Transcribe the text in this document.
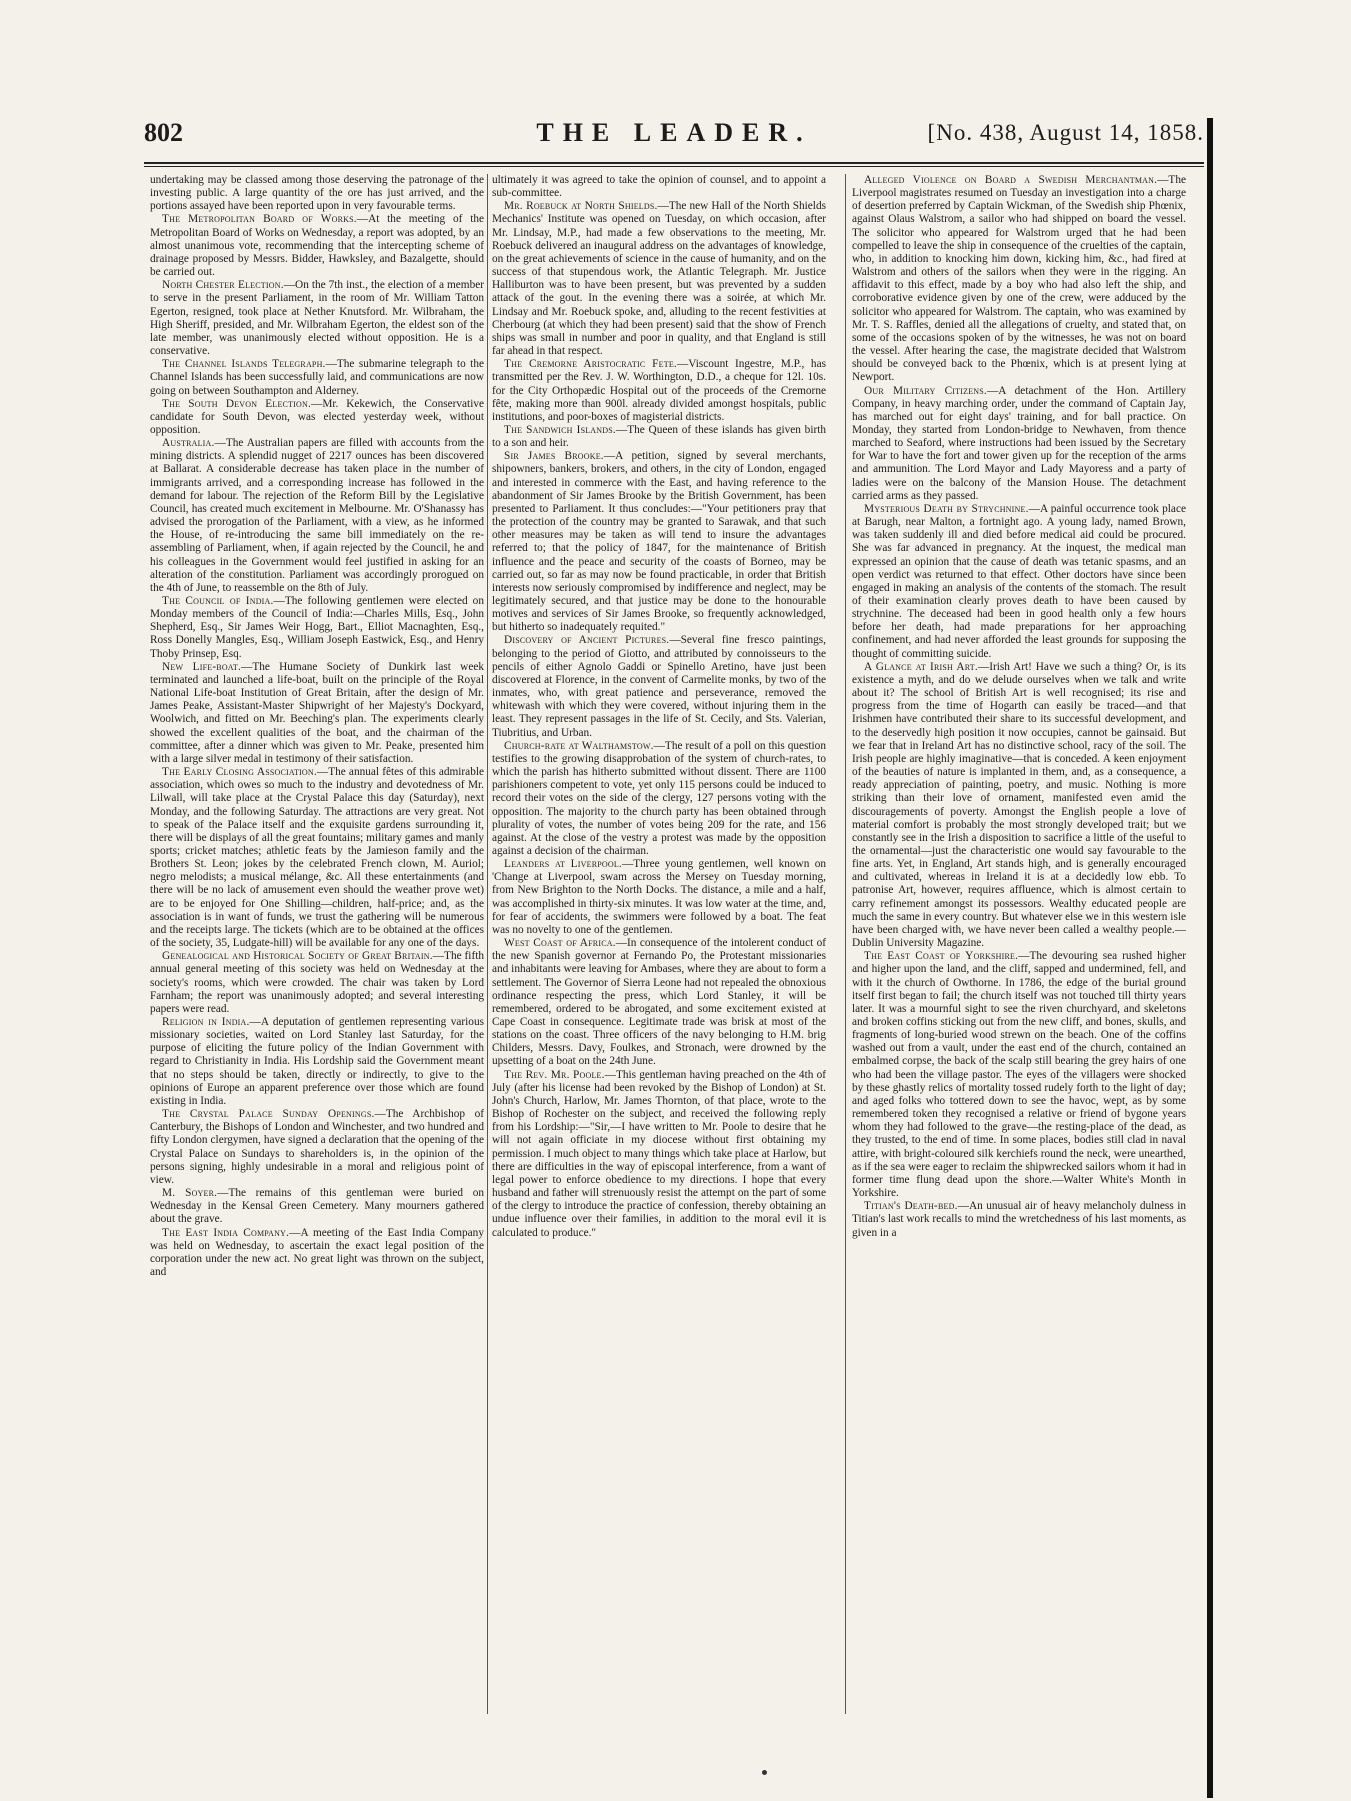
802	THE LEADER.	[No. 438, August 14, 1858.

undertaking may be classed among those deserving the patronage of the investing public. A large quantity of the ore has just arrived, and the portions assayed have been reported upon in very favourable terms.

The Metropolitan Board of Works.—At the meeting of the Metropolitan Board of Works on Wednesday, a report was adopted, by an almost unanimous vote, recommending that the intercepting scheme of drainage proposed by Messrs. Bidder, Hawksley, and Bazalgette, should be carried out.

North Chester Election.—On the 7th inst., the election of a member to serve in the present Parliament, in the room of Mr. William Tatton Egerton, resigned, took place at Nether Knutsford. Mr. Wilbraham, the High Sheriff, presided, and Mr. Wilbraham Egerton, the eldest son of the late member, was unanimously elected without opposition. He is a conservative.

The Channel Islands Telegraph.—The submarine telegraph to the Channel Islands has been successfully laid, and communications are now going on between Southampton and Alderney.

The South Devon Election.—Mr. Kekewich, the Conservative candidate for South Devon, was elected yesterday week, without opposition.

Australia.—The Australian papers are filled with accounts from the mining districts. A splendid nugget of 2217 ounces has been discovered at Ballarat. A considerable decrease has taken place in the number of immigrants arrived, and a corresponding increase has followed in the demand for labour. The rejection of the Reform Bill by the Legislative Council, has created much excitement in Melbourne. Mr. O'Shanassy has advised the prorogation of the Parliament, with a view, as he informed the House, of re-introducing the same bill immediately on the re-assembling of Parliament, when, if again rejected by the Council, he and his colleagues in the Government would feel justified in asking for an alteration of the constitution. Parliament was accordingly prorogued on the 4th of June, to reassemble on the 8th of July.

The Council of India.—The following gentlemen were elected on Monday members of the Council of India:—Charles Mills, Esq., John Shepherd, Esq., Sir James Weir Hogg, Bart., Elliot Macnaghten, Esq., Ross Donelly Mangles, Esq., William Joseph Eastwick, Esq., and Henry Thoby Prinsep, Esq.

New Life-boat.—The Humane Society of Dunkirk last week terminated and launched a life-boat, built on the principle of the Royal National Life-boat Institution of Great Britain, after the design of Mr. James Peake, Assistant-Master Shipwright of her Majesty's Dockyard, Woolwich, and fitted on Mr. Beeching's plan. The experiments clearly showed the excellent qualities of the boat, and the chairman of the committee, after a dinner which was given to Mr. Peake, presented him with a large silver medal in testimony of their satisfaction.

The Early Closing Association.—The annual fêtes of this admirable association, which owes so much to the industry and devotedness of Mr. Lilwall, will take place at the Crystal Palace this day (Saturday), next Monday, and the following Saturday. The attractions are very great. Not to speak of the Palace itself and the exquisite gardens surrounding it, there will be displays of all the great fountains; military games and manly sports; cricket matches; athletic feats by the Jamieson family and the Brothers St. Leon; jokes by the celebrated French clown, M. Auriol; negro melodists; a musical mélange, &c. All these entertainments (and there will be no lack of amusement even should the weather prove wet) are to be enjoyed for One Shilling—children, half-price; and, as the association is in want of funds, we trust the gathering will be numerous and the receipts large. The tickets (which are to be obtained at the offices of the society, 35, Ludgate-hill) will be available for any one of the days.

Genealogical and Historical Society of Great Britain.—The fifth annual general meeting of this society was held on Wednesday at the society's rooms, which were crowded. The chair was taken by Lord Farnham; the report was unanimously adopted; and several interesting papers were read.

Religion in India.—A deputation of gentlemen representing various missionary societies, waited on Lord Stanley last Saturday, for the purpose of eliciting the future policy of the Indian Government with regard to Christianity in India. His Lordship said the Government meant that no steps should be taken, directly or indirectly, to give to the opinions of Europe an apparent preference over those which are found existing in India.

The Crystal Palace Sunday Openings.—The Archbishop of Canterbury, the Bishops of London and Winchester, and two hundred and fifty London clergymen, have signed a declaration that the opening of the Crystal Palace on Sundays to shareholders is, in the opinion of the persons signing, highly undesirable in a moral and religious point of view.

M. Soyer.—The remains of this gentleman were buried on Wednesday in the Kensal Green Cemetery. Many mourners gathered about the grave.

The East India Company.—A meeting of the East India Company was held on Wednesday, to ascertain the exact legal position of the corporation under the new act. No great light was thrown on the subject, and

ultimately it was agreed to take the opinion of counsel, and to appoint a sub-committee.

Mr. Roebuck at North Shields.—The new Hall of the North Shields Mechanics' Institute was opened on Tuesday, on which occasion, after Mr. Lindsay, M.P., had made a few observations to the meeting, Mr. Roebuck delivered an inaugural address on the advantages of knowledge, on the great achievements of science in the cause of humanity, and on the success of that stupendous work, the Atlantic Telegraph. Mr. Justice Halliburton was to have been present, but was prevented by a sudden attack of the gout. In the evening there was a soirée, at which Mr. Lindsay and Mr. Roebuck spoke, and, alluding to the recent festivities at Cherbourg (at which they had been present) said that the show of French ships was small in number and poor in quality, and that England is still far ahead in that respect.

The Cremorne Aristocratic Fete.—Viscount Ingestre, M.P., has transmitted per the Rev. J. W. Worthington, D.D., a cheque for 12l. 10s. for the City Orthopædic Hospital out of the proceeds of the Cremorne fête, making more than 900l. already divided amongst hospitals, public institutions, and poor-boxes of magisterial districts.

The Sandwich Islands.—The Queen of these islands has given birth to a son and heir.

Sir James Brooke.—A petition, signed by several merchants, shipowners, bankers, brokers, and others, in the city of London, engaged and interested in commerce with the East, and having reference to the abandonment of Sir James Brooke by the British Government, has been presented to Parliament. It thus concludes:—"Your petitioners pray that the protection of the country may be granted to Sarawak, and that such other measures may be taken as will tend to insure the advantages referred to; that the policy of 1847, for the maintenance of British influence and the peace and security of the coasts of Borneo, may be carried out, so far as may now be found practicable, in order that British interests now seriously compromised by indifference and neglect, may be legitimately secured, and that justice may be done to the honourable motives and services of Sir James Brooke, so frequently acknowledged, but hitherto so inadequately requited."

Discovery of Ancient Pictures.—Several fine fresco paintings, belonging to the period of Giotto, and attributed by connoisseurs to the pencils of either Agnolo Gaddi or Spinello Aretino, have just been discovered at Florence, in the convent of Carmelite monks, by two of the inmates, who, with great patience and perseverance, removed the whitewash with which they were covered, without injuring them in the least. They represent passages in the life of St. Cecily, and Sts. Valerian, Tiubritius, and Urban.

Church-rate at Walthamstow.—The result of a poll on this question testifies to the growing disapprobation of the system of church-rates, to which the parish has hitherto submitted without dissent. There are 1100 parishioners competent to vote, yet only 115 persons could be induced to record their votes on the side of the clergy, 127 persons voting with the opposition. The majority to the church party has been obtained through plurality of votes, the number of votes being 209 for the rate, and 156 against. At the close of the vestry a protest was made by the opposition against a decision of the chairman.

Leanders at Liverpool.—Three young gentlemen, well known on 'Change at Liverpool, swam across the Mersey on Tuesday morning, from New Brighton to the North Docks. The distance, a mile and a half, was accomplished in thirty-six minutes. It was low water at the time, and, for fear of accidents, the swimmers were followed by a boat. The feat was no novelty to one of the gentlemen.

West Coast of Africa.—In consequence of the intolerent conduct of the new Spanish governor at Fernando Po, the Protestant missionaries and inhabitants were leaving for Ambases, where they are about to form a settlement. The Governor of Sierra Leone had not repealed the obnoxious ordinance respecting the press, which Lord Stanley, it will be remembered, ordered to be abrogated, and some excitement existed at Cape Coast in consequence. Legitimate trade was brisk at most of the stations on the coast. Three officers of the navy belonging to H.M. brig Childers, Messrs. Davy, Foulkes, and Stronach, were drowned by the upsetting of a boat on the 24th June.

The Rev. Mr. Poole.—This gentleman having preached on the 4th of July (after his license had been revoked by the Bishop of London) at St. John's Church, Harlow, Mr. James Thornton, of that place, wrote to the Bishop of Rochester on the subject, and received the following reply from his Lordship:—"Sir,—I have written to Mr. Poole to desire that he will not again officiate in my diocese without first obtaining my permission. I much object to many things which take place at Harlow, but there are difficulties in the way of episcopal interference, from a want of legal power to enforce obedience to my directions. I hope that every husband and father will strenuously resist the attempt on the part of some of the clergy to introduce the practice of confession, thereby obtaining an undue influence over their families, in addition to the moral evil it is calculated to produce."

Alleged Violence on Board a Swedish Merchantman.—The Liverpool magistrates resumed on Tuesday an investigation into a charge of desertion preferred by Captain Wickman, of the Swedish ship Phœnix, against Olaus Walstrom, a sailor who had shipped on board the vessel. The solicitor who appeared for Walstrom urged that he had been compelled to leave the ship in consequence of the cruelties of the captain, who, in addition to knocking him down, kicking him, &c., had fired at Walstrom and others of the sailors when they were in the rigging. An affidavit to this effect, made by a boy who had also left the ship, and corroborative evidence given by one of the crew, were adduced by the solicitor who appeared for Walstrom. The captain, who was examined by Mr. T. S. Raffles, denied all the allegations of cruelty, and stated that, on some of the occasions spoken of by the witnesses, he was not on board the vessel. After hearing the case, the magistrate decided that Walstrom should be conveyed back to the Phœnix, which is at present lying at Newport.

Our Military Citizens.—A detachment of the Hon. Artillery Company, in heavy marching order, under the command of Captain Jay, has marched out for eight days' training, and for ball practice. On Monday, they started from London-bridge to Newhaven, from thence marched to Seaford, where instructions had been issued by the Secretary for War to have the fort and tower given up for the reception of the arms and ammunition. The Lord Mayor and Lady Mayoress and a party of ladies were on the balcony of the Mansion House. The detachment carried arms as they passed.

Mysterious Death by Strychnine.—A painful occurrence took place at Barugh, near Malton, a fortnight ago. A young lady, named Brown, was taken suddenly ill and died before medical aid could be procured. She was far advanced in pregnancy. At the inquest, the medical man expressed an opinion that the cause of death was tetanic spasms, and an open verdict was returned to that effect. Other doctors have since been engaged in making an analysis of the contents of the stomach. The result of their examination clearly proves death to have been caused by strychnine. The deceased had been in good health only a few hours before her death, had made preparations for her approaching confinement, and had never afforded the least grounds for supposing the thought of committing suicide.

A Glance at Irish Art.—Irish Art! Have we such a thing? Or, is its existence a myth, and do we delude ourselves when we talk and write about it? The school of British Art is well recognised; its rise and progress from the time of Hogarth can easily be traced—and that Irishmen have contributed their share to its successful development, and to the deservedly high position it now occupies, cannot be gainsaid. But we fear that in Ireland Art has no distinctive school, racy of the soil. The Irish people are highly imaginative—that is conceded. A keen enjoyment of the beauties of nature is implanted in them, and, as a consequence, a ready appreciation of painting, poetry, and music. Nothing is more striking than their love of ornament, manifested even amid the discouragements of poverty. Amongst the English people a love of material comfort is probably the most strongly developed trait; but we constantly see in the Irish a disposition to sacrifice a little of the useful to the ornamental—just the characteristic one would say favourable to the fine arts. Yet, in England, Art stands high, and is generally encouraged and cultivated, whereas in Ireland it is at a decidedly low ebb. To patronise Art, however, requires affluence, which is almost certain to carry refinement amongst its possessors. Wealthy educated people are much the same in every country. But whatever else we in this western isle have been charged with, we have never been called a wealthy people.—Dublin University Magazine.

The East Coast of Yorkshire.—The devouring sea rushed higher and higher upon the land, and the cliff, sapped and undermined, fell, and with it the church of Owthorne. In 1786, the edge of the burial ground itself first began to fail; the church itself was not touched till thirty years later. It was a mournful sight to see the riven churchyard, and skeletons and broken coffins sticking out from the new cliff, and bones, skulls, and fragments of long-buried wood strewn on the beach. One of the coffins washed out from a vault, under the east end of the church, contained an embalmed corpse, the back of the scalp still bearing the grey hairs of one who had been the village pastor. The eyes of the villagers were shocked by these ghastly relics of mortality tossed rudely forth to the light of day; and aged folks who tottered down to see the havoc, wept, as by some remembered token they recognised a relative or friend of bygone years whom they had followed to the grave—the resting-place of the dead, as they trusted, to the end of time. In some places, bodies still clad in naval attire, with bright-coloured silk kerchiefs round the neck, were unearthed, as if the sea were eager to reclaim the shipwrecked sailors whom it had in former time flung dead upon the shore.—Walter White's Month in Yorkshire.

Titian's Death-bed.—An unusual air of heavy melancholy dulness in Titian's last work recalls to mind the wretchedness of his last moments, as given in a
